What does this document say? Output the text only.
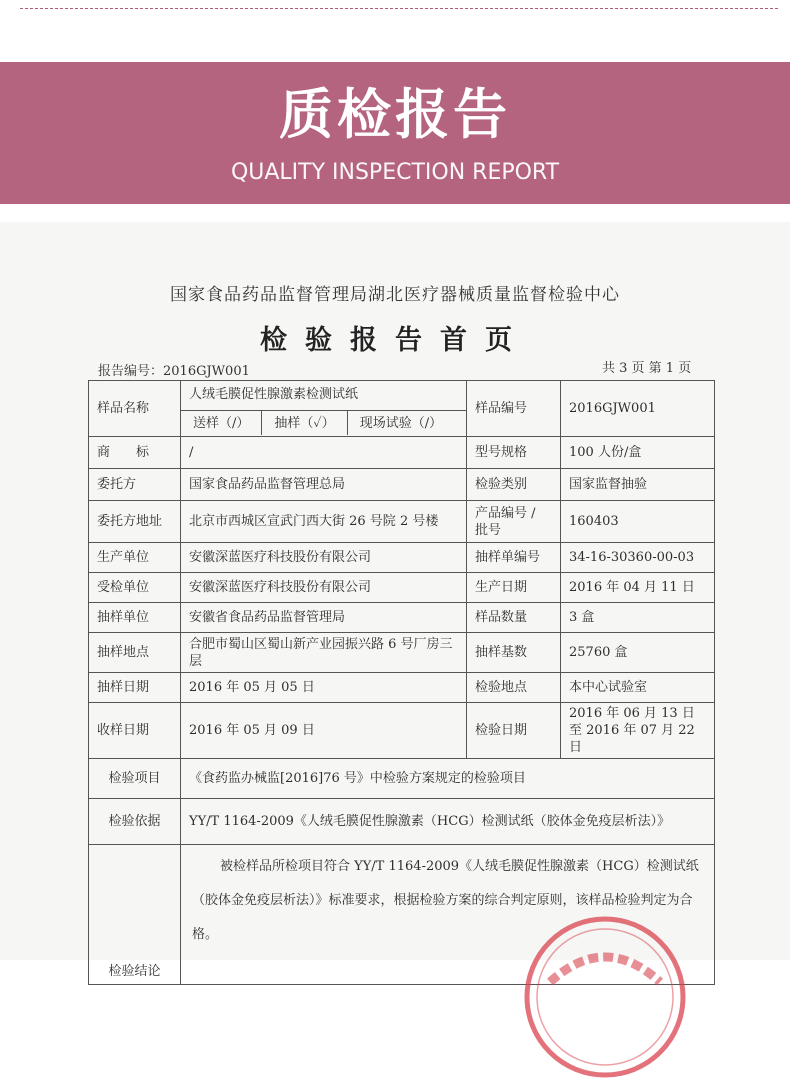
质检报告
QUALITY INSPECTION REPORT
国家食品药品监督管理局湖北医疗器械质量监督检验中心
检验报告首页
报告编号：2016GJW001	共 3 页 第 1 页
样品名称	人绒毛膜促性腺激素检测试纸
送样（/） 抽样（✓） 现场试验（/）	样品编号	2016GJW001
商　　标	/	型号规格	100 人份/盒
委托方	国家食品药品监督管理总局	检验类别	国家监督抽验
委托方地址	北京市西城区宣武门西大街 26 号院 2 号楼	产品编号 / 批号	160403
生产单位	安徽深蓝医疗科技股份有限公司	抽样单编号	34-16-30360-00-03
受检单位	安徽深蓝医疗科技股份有限公司	生产日期	2016 年 04 月 11 日
抽样单位	安徽省食品药品监督管理局	样品数量	3 盒
抽样地点	合肥市蜀山区蜀山新产业园振兴路 6 号厂房三层	抽样基数	25760 盒
抽样日期	2016 年 05 月 05 日	检验地点	本中心试验室
收样日期	2016 年 05 月 09 日	检验日期	2016 年 06 月 13 日至 2016 年 07 月 22 日
检验项目	《食药监办械监[2016]76 号》中检验方案规定的检验项目		
检验依据	YY/T 1164-2009《人绒毛膜促性腺激素（HCG）检测试纸（胶体金免疫层析法）》		
检验结论			
被检样品所检项目符合 YY/T 1164-2009《人绒毛膜促性腺激素（HCG）检测试纸（胶体金免疫层析法）》标准要求，根据检验方案的综合判定原则，该样品检验判定为合格。
